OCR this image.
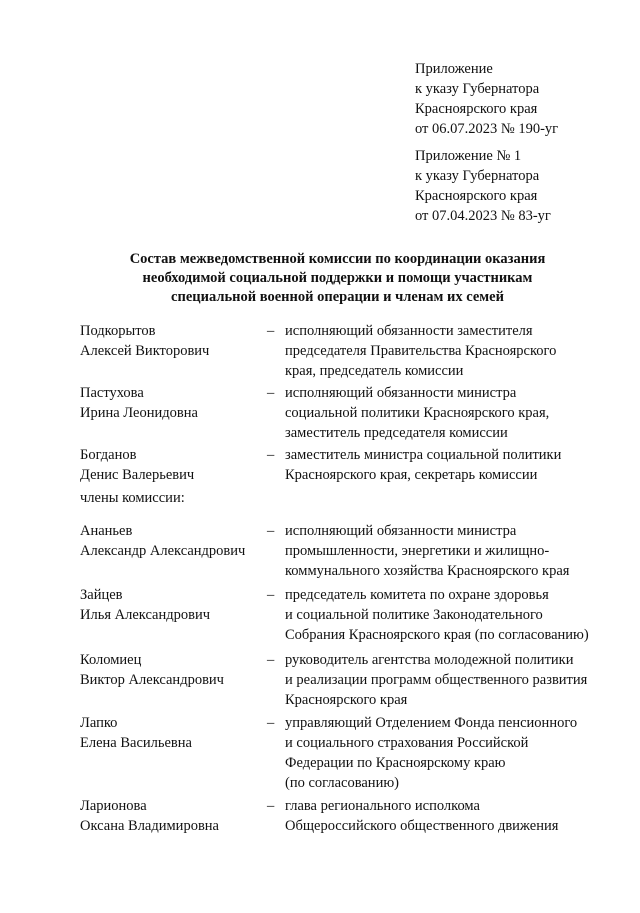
Приложение
к указу Губернатора
Красноярского края
от 06.07.2023 № 190-уг
Приложение № 1
к указу Губернатора
Красноярского края
от 07.04.2023 № 83-уг
Состав межведомственной комиссии по координации оказания
необходимой социальной поддержки и помощи участникам
специальной военной операции и членам их семей
Подкорытов
Алексей Викторович
– исполняющий обязанности заместителя
председателя Правительства Красноярского
края, председатель комиссии
Пастухова
Ирина Леонидовна
– исполняющий обязанности министра
социальной политики Красноярского края,
заместитель председателя комиссии
Богданов
Денис Валерьевич
– заместитель министра социальной политики
Красноярского края, секретарь комиссии
члены комиссии:
Ананьев
Александр Александрович
– исполняющий обязанности министра
промышленности, энергетики и жилищно-
коммунального хозяйства Красноярского края
Зайцев
Илья Александрович
– председатель комитета по охране здоровья
и социальной политике Законодательного
Собрания Красноярского края (по согласованию)
Коломиец
Виктор Александрович
– руководитель агентства молодежной политики
и реализации программ общественного развития
Красноярского края
Лапко
Елена Васильевна
– управляющий Отделением Фонда пенсионного
и социального страхования Российской
Федерации по Красноярскому краю
(по согласованию)
Ларионова
Оксана Владимировна
– глава регионального исполкома
Общероссийского общественного движения
